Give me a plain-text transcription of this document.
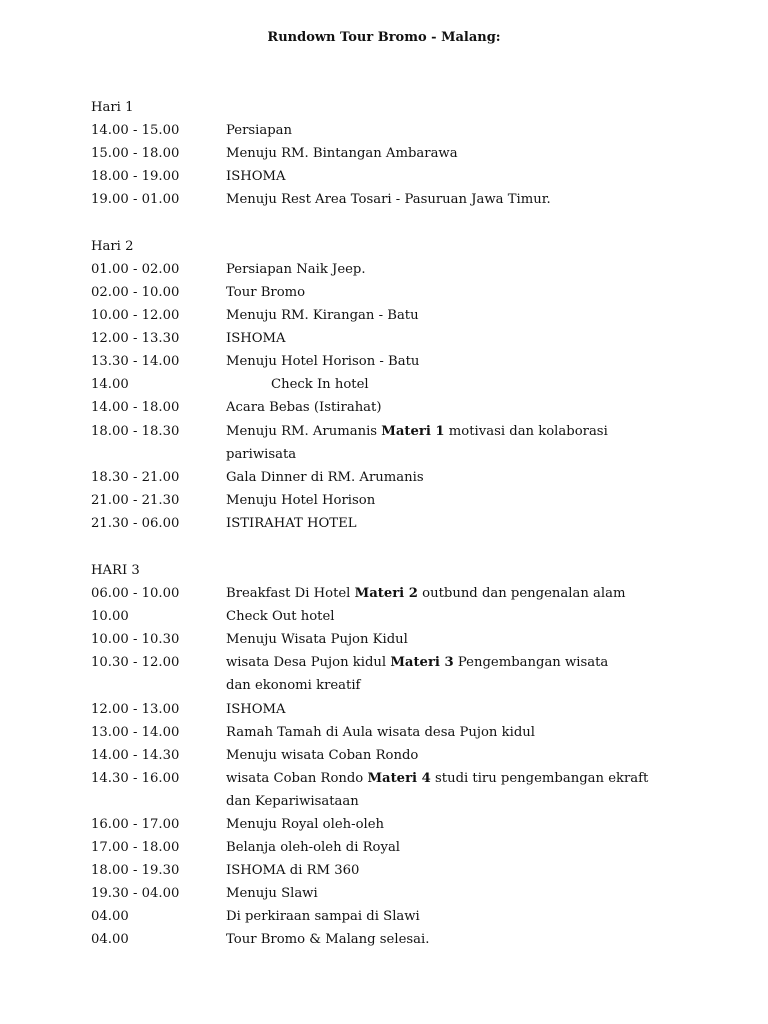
Rundown Tour Bromo - Malang:
Hari 1
14.00 - 15.00	Persiapan
15.00 - 18.00	Menuju RM. Bintangan Ambarawa
18.00 - 19.00	ISHOMA
19.00 - 01.00	Menuju Rest Area Tosari - Pasuruan Jawa Timur.
Hari 2
01.00 - 02.00	Persiapan Naik Jeep.
02.00 - 10.00	Tour Bromo
10.00 - 12.00	Menuju RM. Kirangan - Batu
12.00 - 13.30	ISHOMA
13.30 - 14.00	Menuju Hotel Horison - Batu
14.00	Check In hotel
14.00 - 18.00	Acara Bebas (Istirahat)
18.00 - 18.30	Menuju RM. Arumanis Materi 1 motivasi dan kolaborasi
pariwisata
18.30 - 21.00	Gala Dinner di RM. Arumanis
21.00 - 21.30	Menuju Hotel Horison
21.30 - 06.00	ISTIRAHAT HOTEL
HARI 3
06.00 - 10.00	Breakfast Di Hotel Materi 2 outbund dan pengenalan alam
10.00	Check Out hotel
10.00 - 10.30	Menuju Wisata Pujon Kidul
10.30 - 12.00	wisata Desa Pujon kidul Materi 3 Pengembangan wisata
dan ekonomi kreatif
12.00 - 13.00	ISHOMA
13.00 - 14.00	Ramah Tamah di Aula wisata desa Pujon kidul
14.00 - 14.30	Menuju wisata Coban Rondo
14.30 - 16.00	wisata Coban Rondo Materi 4 studi tiru pengembangan ekraft
dan Kepariwisataan
16.00 - 17.00	Menuju Royal oleh-oleh
17.00 - 18.00	Belanja oleh-oleh di Royal
18.00 - 19.30	ISHOMA di RM 360
19.30 - 04.00	Menuju Slawi
04.00	Di perkiraan sampai di Slawi
04.00	Tour Bromo & Malang selesai.
